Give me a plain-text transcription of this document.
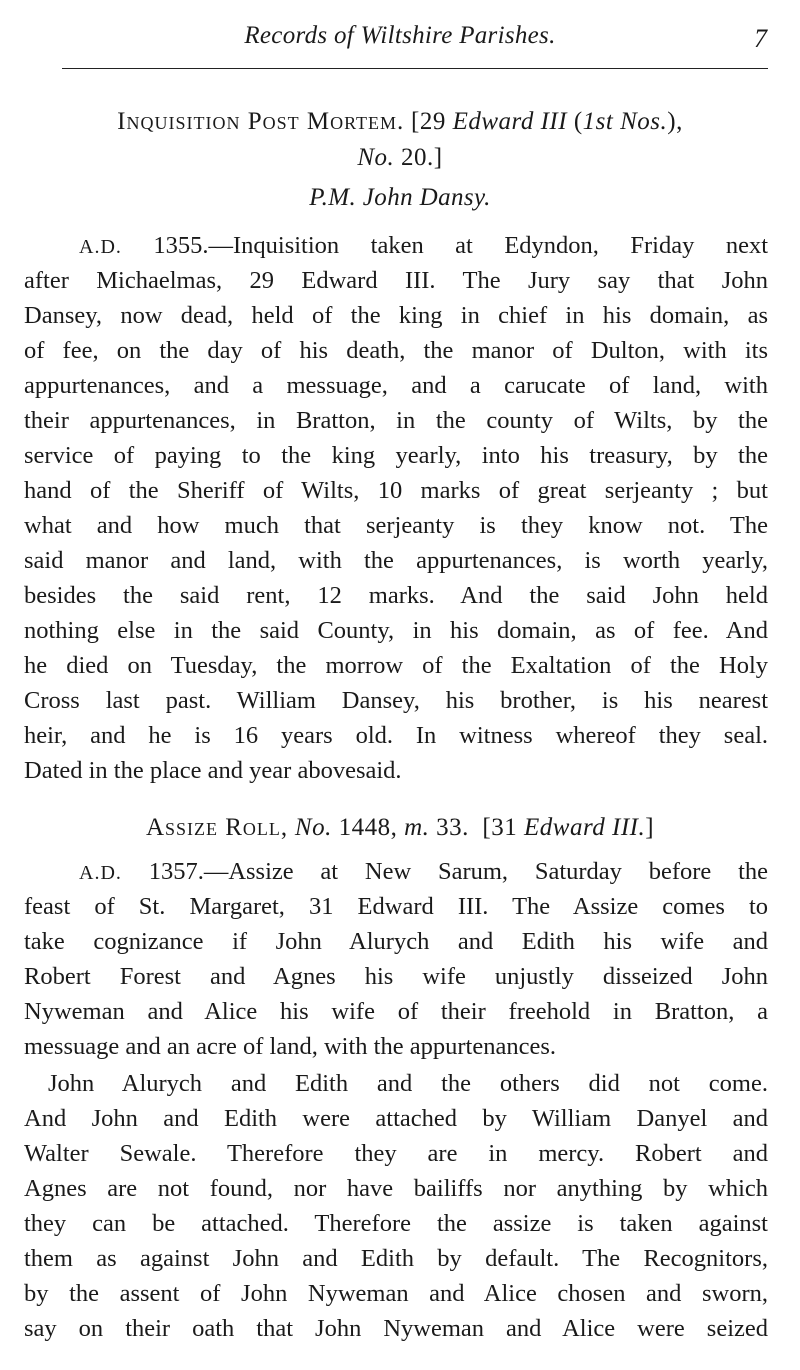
Records of Wiltshire Parishes.	7
Inquisition Post Mortem. [29 Edward III (1st Nos.),
No. 20.]
P.M. John Dansy.
A.D. 1355.—Inquisition taken at Edyndon, Friday next
after Michaelmas, 29 Edward III. The Jury say that John
Dansey, now dead, held of the king in chief in his domain, as
of fee, on the day of his death, the manor of Dulton, with its
appurtenances, and a messuage, and a carucate of land, with
their appurtenances, in Bratton, in the county of Wilts, by the
service of paying to the king yearly, into his treasury, by the
hand of the Sheriff of Wilts, 10 marks of great serjeanty ; but
what and how much that serjeanty is they know not. The
said manor and land, with the appurtenances, is worth yearly,
besides the said rent, 12 marks. And the said John held
nothing else in the said County, in his domain, as of fee. And
he died on Tuesday, the morrow of the Exaltation of the Holy
Cross last past. William Dansey, his brother, is his nearest
heir, and he is 16 years old. In witness whereof they seal.
Dated in the place and year abovesaid.
Assize Roll, No. 1448, m. 33.  [31 Edward III.]
A.D. 1357.—Assize at New Sarum, Saturday before the
feast of St. Margaret, 31 Edward III. The Assize comes to
take cognizance if John Alurych and Edith his wife and
Robert Forest and Agnes his wife unjustly disseized John
Nyweman and Alice his wife of their freehold in Bratton, a
messuage and an acre of land, with the appurtenances.
John Alurych and Edith and the others did not come.
And John and Edith were attached by William Danyel and
Walter Sewale. Therefore they are in mercy. Robert and
Agnes are not found, nor have bailiffs nor anything by which
they can be attached. Therefore the assize is taken against
them as against John and Edith by default. The Recognitors,
by the assent of John Nyweman and Alice chosen and sworn,
say on their oath that John Nyweman and Alice were seized
